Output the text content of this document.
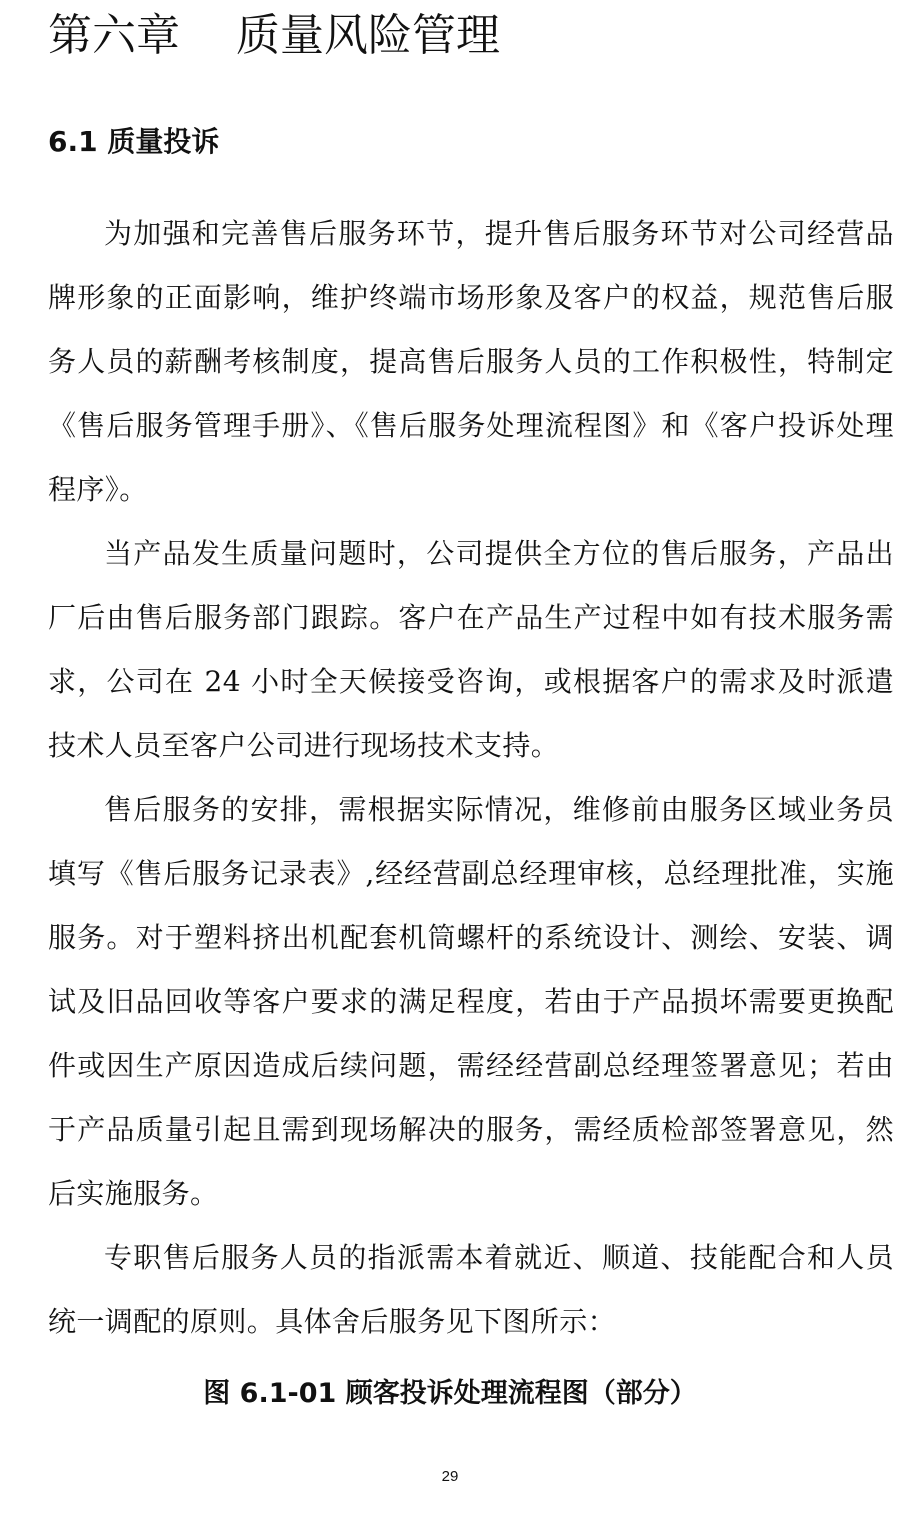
第六章    质量风险管理
6.1 质量投诉

为加强和完善售后服务环节，提升售后服务环节对公司经营品牌形象的正面影响，维护终端市场形象及客户的权益，规范售后服务人员的薪酬考核制度，提高售后服务人员的工作积极性，特制定《售后服务管理手册》、《售后服务处理流程图》和《客户投诉处理程序》。

当产品发生质量问题时，公司提供全方位的售后服务，产品出厂后由售后服务部门跟踪。客户在产品生产过程中如有技术服务需求，公司在 24 小时全天候接受咨询，或根据客户的需求及时派遣技术人员至客户公司进行现场技术支持。

售后服务的安排，需根据实际情况，维修前由服务区域业务员填写《售后服务记录表》,经经营副总经理审核，总经理批准，实施服务。对于塑料挤出机配套机筒螺杆的系统设计、测绘、安装、调试及旧品回收等客户要求的满足程度，若由于产品损坏需要更换配件或因生产原因造成后续问题，需经经营副总经理签署意见；若由于产品质量引起且需到现场解决的服务，需经质检部签署意见，然后实施服务。

专职售后服务人员的指派需本着就近、顺道、技能配合和人员统一调配的原则。具体舍后服务见下图所示：

图 6.1-01 顾客投诉处理流程图（部分）

29
